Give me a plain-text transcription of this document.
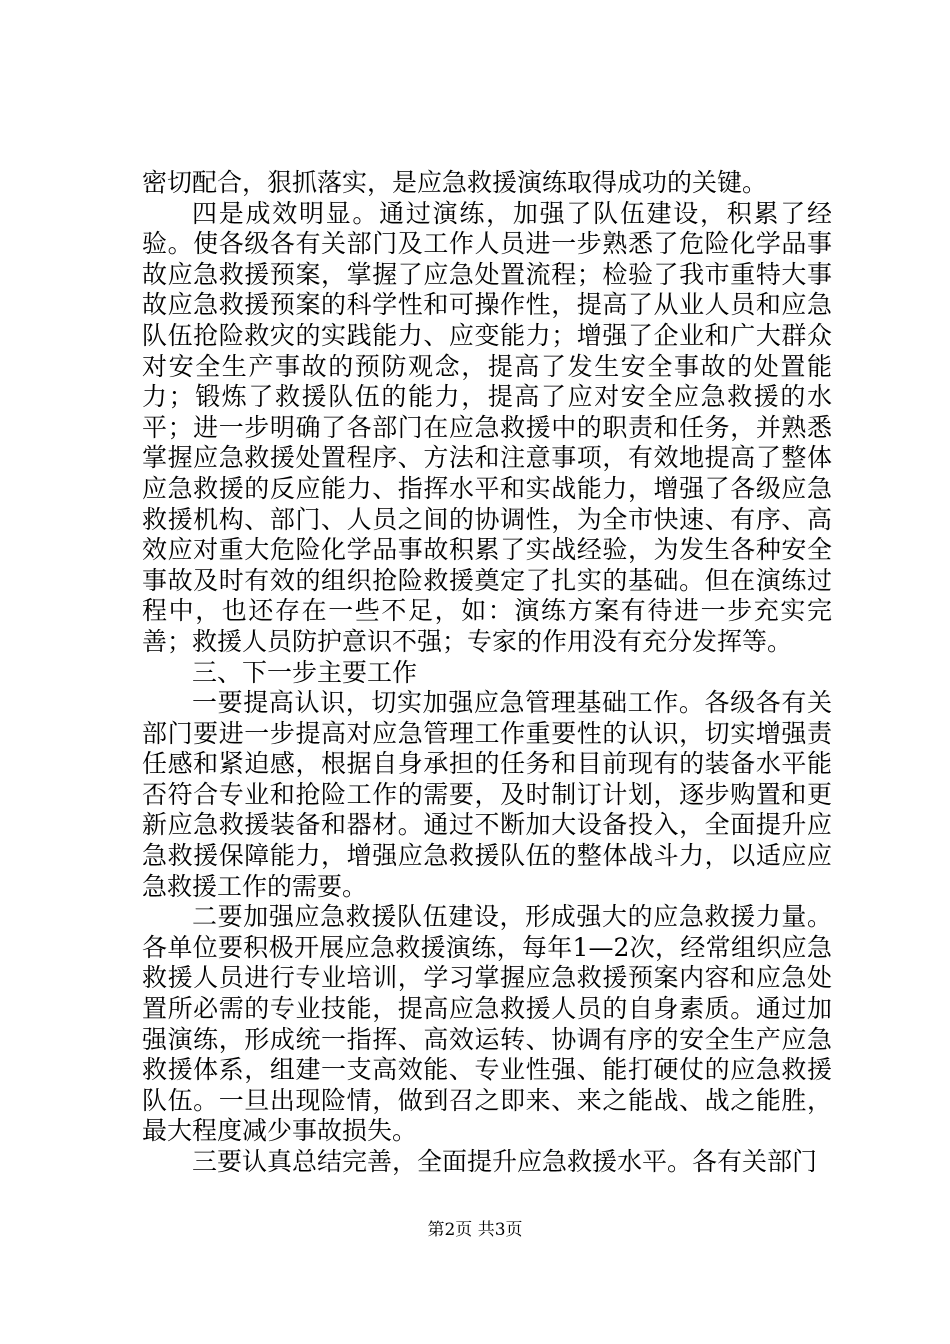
密切配合，狠抓落实，是应急救援演练取得成功的关键。

四是成效明显。通过演练，加强了队伍建设，积累了经验。使各级各有关部门及工作人员进一步熟悉了危险化学品事故应急救援预案，掌握了应急处置流程；检验了我市重特大事故应急救援预案的科学性和可操作性，提高了从业人员和应急队伍抢险救灾的实践能力、应变能力；增强了企业和广大群众对安全生产事故的预防观念，提高了发生安全事故的处置能力；锻炼了救援队伍的能力，提高了应对安全应急救援的水平；进一步明确了各部门在应急救援中的职责和任务，并熟悉掌握应急救援处置程序、方法和注意事项，有效地提高了整体应急救援的反应能力、指挥水平和实战能力，增强了各级应急救援机构、部门、人员之间的协调性，为全市快速、有序、高效应对重大危险化学品事故积累了实战经验，为发生各种安全事故及时有效的组织抢险救援奠定了扎实的基础。但在演练过程中，也还存在一些不足，如：演练方案有待进一步充实完善；救援人员防护意识不强；专家的作用没有充分发挥等。

三、下一步主要工作

一要提高认识，切实加强应急管理基础工作。各级各有关部门要进一步提高对应急管理工作重要性的认识，切实增强责任感和紧迫感，根据自身承担的任务和目前现有的装备水平能否符合专业和抢险工作的需要，及时制订计划，逐步购置和更新应急救援装备和器材。通过不断加大设备投入，全面提升应急救援保障能力，增强应急救援队伍的整体战斗力，以适应应急救援工作的需要。

二要加强应急救援队伍建设，形成强大的应急救援力量。各单位要积极开展应急救援演练，每年1—2次，经常组织应急救援人员进行专业培训，学习掌握应急救援预案内容和应急处置所必需的专业技能，提高应急救援人员的自身素质。通过加强演练，形成统一指挥、高效运转、协调有序的安全生产应急救援体系，组建一支高效能、专业性强、能打硬仗的应急救援队伍。一旦出现险情，做到召之即来、来之能战、战之能胜，最大程度减少事故损失。

三要认真总结完善，全面提升应急救援水平。各有关部门

第2页 共3页
